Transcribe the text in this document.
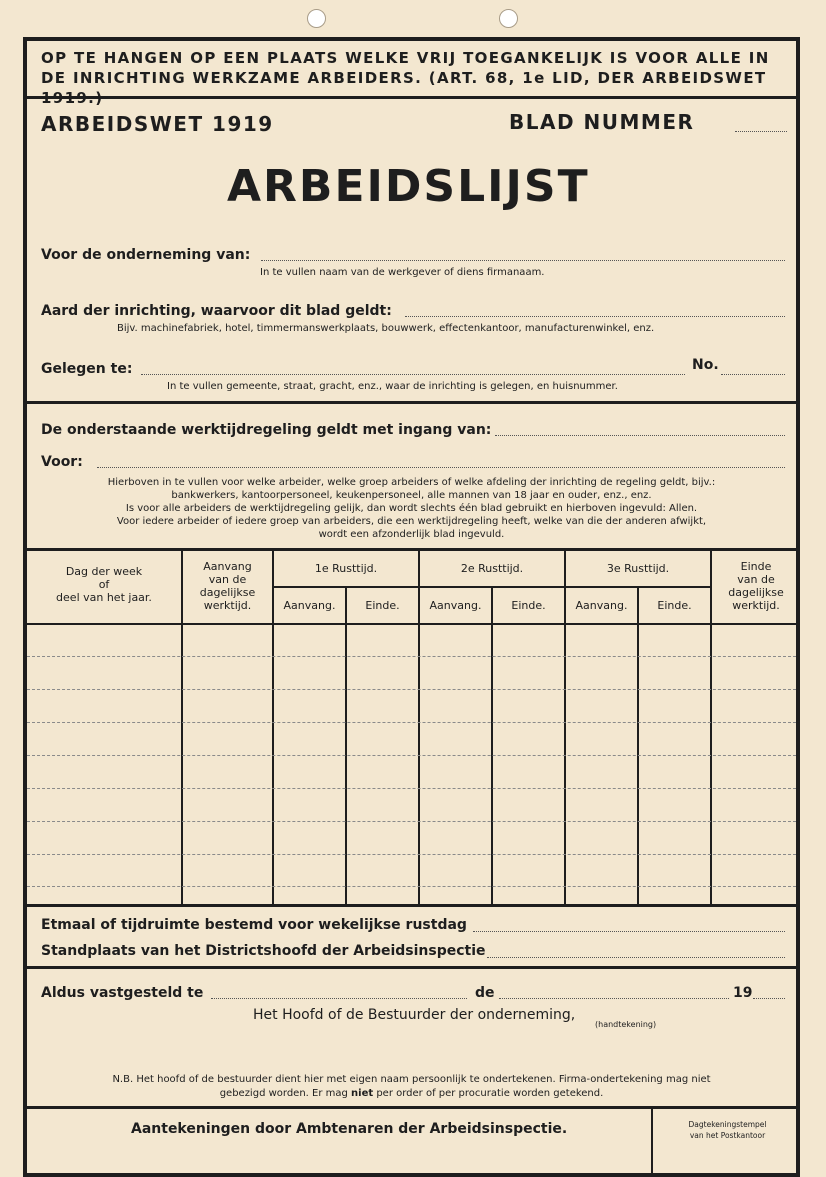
OP TE HANGEN OP EEN PLAATS WELKE VRIJ TOEGANKELIJK IS VOOR ALLE IN
DE INRICHTING WERKZAME ARBEIDERS. (ART. 68, 1e LID, DER ARBEIDSWET 1919.)
ARBEIDSWET 1919	BLAD NUMMER
ARBEIDSLIJST
Voor de onderneming van:
In te vullen naam van de werkgever of diens firmanaam.
Aard der inrichting, waarvoor dit blad geldt:
Bijv. machinefabriek, hotel, timmermanswerkplaats, bouwwerk, effectenkantoor, manufacturenwinkel, enz.
Gelegen te:	No.
In te vullen gemeente, straat, gracht, enz., waar de inrichting is gelegen, en huisnummer.
De onderstaande werktijdregeling geldt met ingang van:
Voor:
Hierboven in te vullen voor welke arbeider, welke groep arbeiders of welke afdeling der inrichting de regeling geldt, bijv.:
bankwerkers, kantoorpersoneel, keukenpersoneel, alle mannen van 18 jaar en ouder, enz., enz.
Is voor alle arbeiders de werktijdregeling gelijk, dan wordt slechts één blad gebruikt en hierboven ingevuld: Allen.
Voor iedere arbeider of iedere groep van arbeiders, die een werktijdregeling heeft, welke van die der anderen afwijkt,
wordt een afzonderlijk blad ingevuld.
Dag der week
of
deel van het jaar.
Aanvang
van de
dagelijkse
werktijd.
1e Rusttijd.	2e Rusttijd.	3e Rusttijd.
Aanvang.	Einde.	Aanvang.	Einde.	Aanvang.	Einde.
Einde
van de
dagelijkse
werktijd.
Etmaal of tijdruimte bestemd voor wekelijkse rustdag
Standplaats van het Districtshoofd der Arbeidsinspectie
Aldus vastgesteld te	de	19
Het Hoofd of de Bestuurder der onderneming,
(handtekening)
N.B. Het hoofd of de bestuurder dient hier met eigen naam persoonlijk te ondertekenen. Firma-ondertekening mag niet
gebezigd worden. Er mag niet per order of per procuratie worden getekend.
Aantekeningen door Ambtenaren der Arbeidsinspectie.	Dagtekeningstempel
van het Postkantoor
